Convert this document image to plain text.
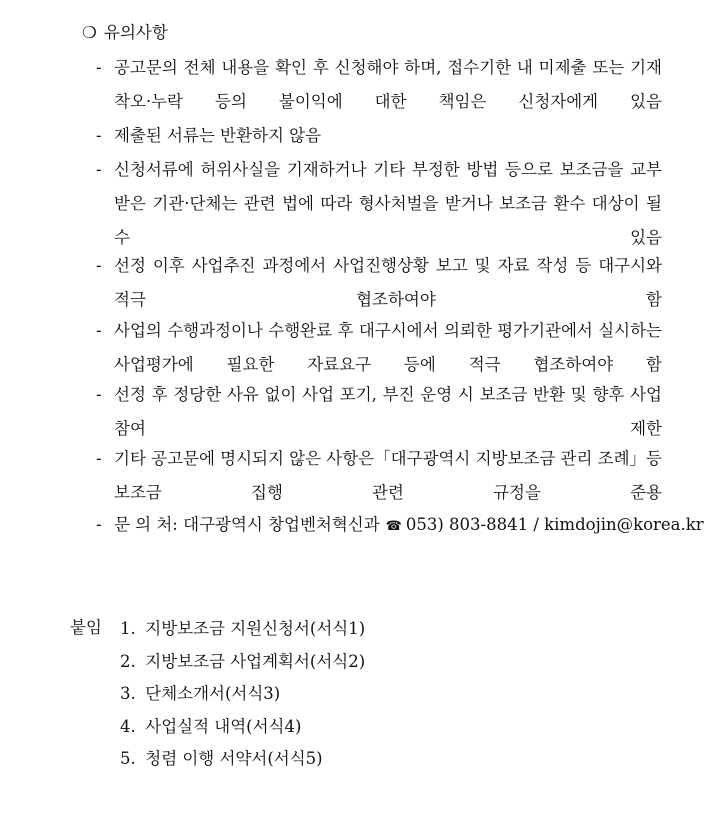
❍ 유의사항
- 공고문의 전체 내용을 확인 후 신청해야 하며, 접수기한 내 미제출 또는 기재 착오·누락 등의 불이익에 대한 책임은 신청자에게 있음
- 제출된 서류는 반환하지 않음
- 신청서류에 허위사실을 기재하거나 기타 부정한 방법 등으로 보조금을 교부받은 기관·단체는 관련 법에 따라 형사처벌을 받거나 보조금 환수 대상이 될 수 있음
- 선정 이후 사업추진 과정에서 사업진행상황 보고 및 자료 작성 등 대구시와 적극 협조하여야 함
- 사업의 수행과정이나 수행완료 후 대구시에서 의뢰한 평가기관에서 실시하는 사업평가에 필요한 자료요구 등에 적극 협조하여야 함
- 선정 후 정당한 사유 없이 사업 포기, 부진 운영 시 보조금 반환 및 향후 사업 참여 제한
- 기타 공고문에 명시되지 않은 사항은「대구광역시 지방보조금 관리 조례」등 보조금 집행 관련 규정을 준용
- 문 의 처: 대구광역시 창업벤처혁신과 ☎ 053) 803-8841 / kimdojin@korea.kr
붙임 1. 지방보조금 지원신청서(서식1)
2. 지방보조금 사업계획서(서식2)
3. 단체소개서(서식3)
4. 사업실적 내역(서식4)
5. 청렴 이행 서약서(서식5)
